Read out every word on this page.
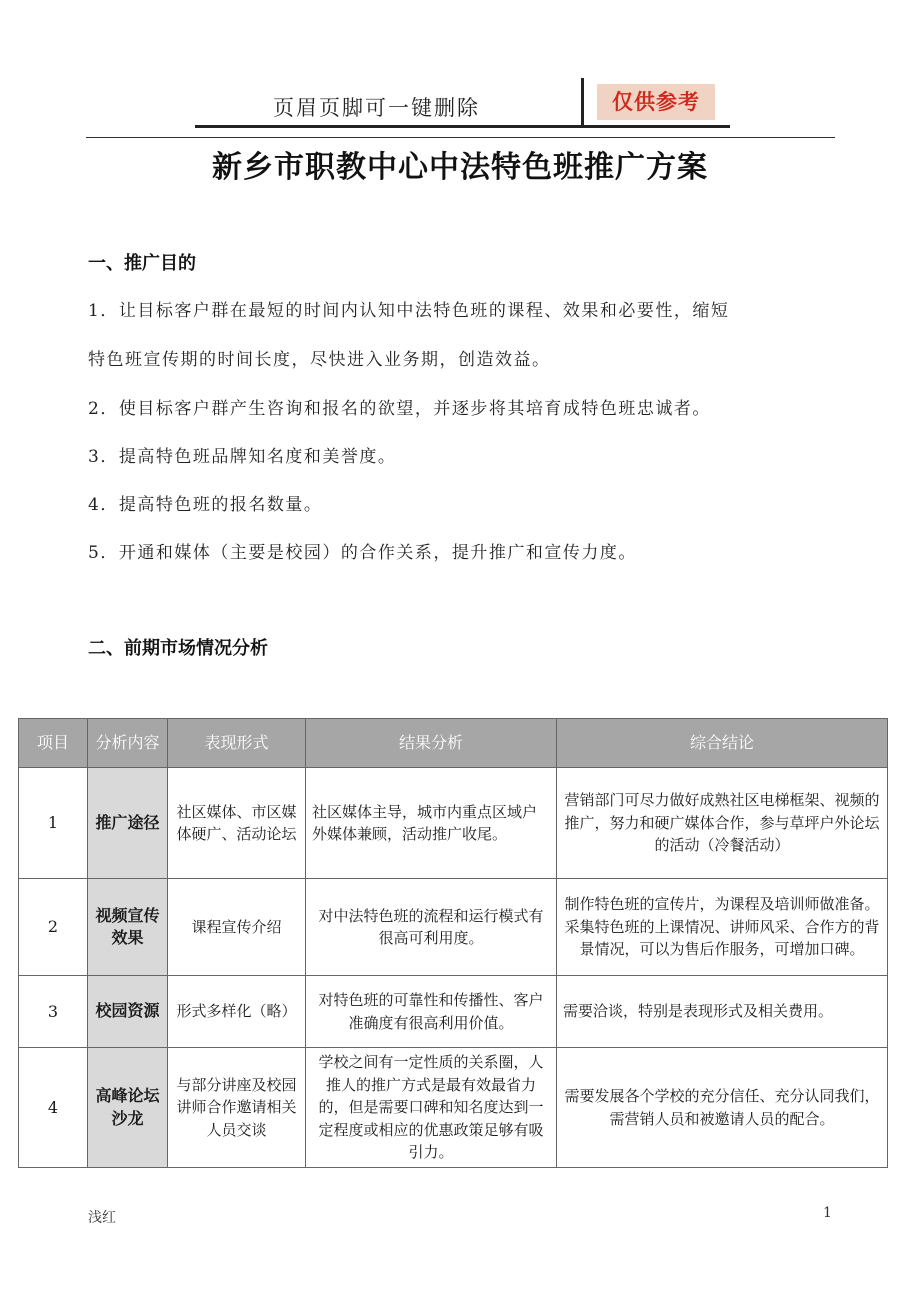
页眉页脚可一键删除	仅供参考
新乡市职教中心中法特色班推广方案
一、推广目的
1．让目标客户群在最短的时间内认知中法特色班的课程、效果和必要性，缩短
特色班宣传期的时间长度，尽快进入业务期，创造效益。
2．使目标客户群产生咨询和报名的欲望，并逐步将其培育成特色班忠诚者。
3．提高特色班品牌知名度和美誉度。
4．提高特色班的报名数量。
5．开通和媒体（主要是校园）的合作关系，提升推广和宣传力度。
二、前期市场情况分析
项目	分析内容	表现形式	结果分析	综合结论
1	推广途径	社区媒体、市区媒体硬广、活动论坛	社区媒体主导，城市内重点区域户外媒体兼顾，活动推广收尾。	营销部门可尽力做好成熟社区电梯框架、视频的推广，努力和硬广媒体合作，参与草坪户外论坛的活动（冷餐活动）
2	视频宣传效果	课程宣传介绍	对中法特色班的流程和运行模式有很高可利用度。	制作特色班的宣传片，为课程及培训师做准备。采集特色班的上课情况、讲师风采、合作方的背景情况，可以为售后作服务，可增加口碑。
3	校园资源	形式多样化（略）	对特色班的可靠性和传播性、客户准确度有很高利用价值。	需要洽谈，特别是表现形式及相关费用。
4	高峰论坛沙龙	与部分讲座及校园讲师合作邀请相关人员交谈	学校之间有一定性质的关系圈，人推人的推广方式是最有效最省力的，但是需要口碑和知名度达到一定程度或相应的优惠政策足够有吸引力。	需要发展各个学校的充分信任、充分认同我们，需营销人员和被邀请人员的配合。
浅红	1
